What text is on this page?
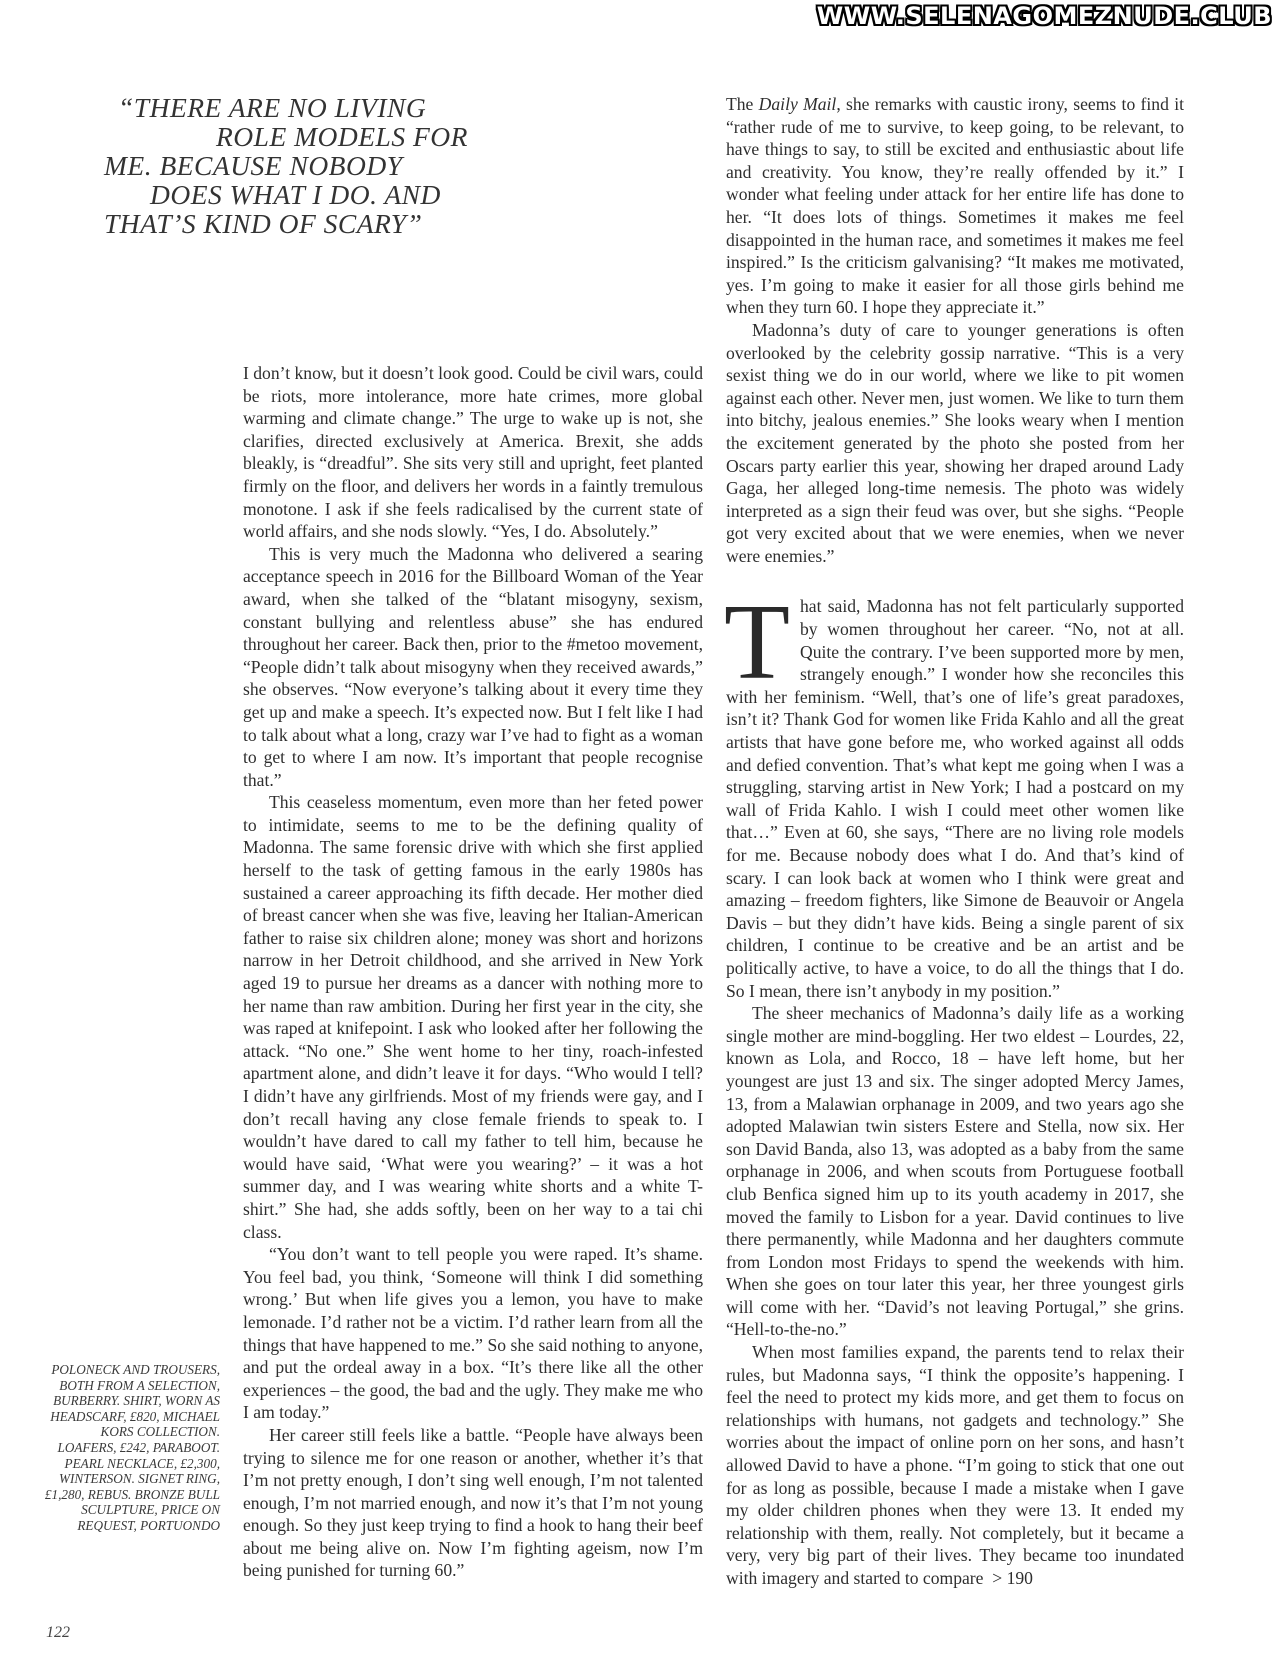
WWW.SELENAGOMEZNUDE.CLUB
“THERE ARE NO LIVING
ROLE MODELS FOR
ME. BECAUSE NOBODY
DOES WHAT I DO. AND
THAT’S KIND OF SCARY”

I don’t know, but it doesn’t look good. Could be civil wars, could be riots, more intolerance, more hate crimes, more global warming and climate change.” The urge to wake up is not, she clarifies, directed exclusively at America. Brexit, she adds bleakly, is “dreadful”. She sits very still and upright, feet planted firmly on the floor, and delivers her words in a faintly tremulous monotone. I ask if she feels radicalised by the current state of world affairs, and she nods slowly. “Yes, I do. Absolutely.”

This is very much the Madonna who delivered a searing acceptance speech in 2016 for the Billboard Woman of the Year award, when she talked of the “blatant misogyny, sexism, constant bullying and relentless abuse” she has endured throughout her career. Back then, prior to the #metoo movement, “People didn’t talk about misogyny when they received awards,” she observes. “Now everyone’s talking about it every time they get up and make a speech. It’s expected now. But I felt like I had to talk about what a long, crazy war I’ve had to fight as a woman to get to where I am now. It’s important that people recognise that.”

This ceaseless momentum, even more than her feted power to intimidate, seems to me to be the defining quality of Madonna. The same forensic drive with which she first applied herself to the task of getting famous in the early 1980s has sustained a career approaching its fifth decade. Her mother died of breast cancer when she was five, leaving her Italian-American father to raise six children alone; money was short and horizons narrow in her Detroit childhood, and she arrived in New York aged 19 to pursue her dreams as a dancer with nothing more to her name than raw ambition. During her first year in the city, she was raped at knifepoint. I ask who looked after her following the attack. “No one.” She went home to her tiny, roach-infested apartment alone, and didn’t leave it for days. “Who would I tell? I didn’t have any girlfriends. Most of my friends were gay, and I don’t recall having any close female friends to speak to. I wouldn’t have dared to call my father to tell him, because he would have said, ‘What were you wearing?’ – it was a hot summer day, and I was wearing white shorts and a white T-shirt.” She had, she adds softly, been on her way to a tai chi class.

“You don’t want to tell people you were raped. It’s shame. You feel bad, you think, ‘Someone will think I did something wrong.’ But when life gives you a lemon, you have to make lemonade. I’d rather not be a victim. I’d rather learn from all the things that have happened to me.” So she said nothing to anyone, and put the ordeal away in a box. “It’s there like all the other experiences – the good, the bad and the ugly. They make me who I am today.”

Her career still feels like a battle. “People have always been trying to silence me for one reason or another, whether it’s that I’m not pretty enough, I don’t sing well enough, I’m not talented enough, I’m not married enough, and now it’s that I’m not young enough. So they just keep trying to find a hook to hang their beef about me being alive on. Now I’m fighting ageism, now I’m being punished for turning 60.”

The Daily Mail, she remarks with caustic irony, seems to find it “rather rude of me to survive, to keep going, to be relevant, to have things to say, to still be excited and enthusiastic about life and creativity. You know, they’re really offended by it.” I wonder what feeling under attack for her entire life has done to her. “It does lots of things. Sometimes it makes me feel disappointed in the human race, and sometimes it makes me feel inspired.” Is the criticism galvanising? “It makes me motivated, yes. I’m going to make it easier for all those girls behind me when they turn 60. I hope they appreciate it.”

Madonna’s duty of care to younger generations is often overlooked by the celebrity gossip narrative. “This is a very sexist thing we do in our world, where we like to pit women against each other. Never men, just women. We like to turn them into bitchy, jealous enemies.” She looks weary when I mention the excitement generated by the photo she posted from her Oscars party earlier this year, showing her draped around Lady Gaga, her alleged long-time nemesis. The photo was widely interpreted as a sign their feud was over, but she sighs. “People got very excited about that we were enemies, when we never were enemies.”

That said, Madonna has not felt particularly supported by women throughout her career. “No, not at all. Quite the contrary. I’ve been supported more by men, strangely enough.” I wonder how she reconciles this with her feminism. “Well, that’s one of life’s great paradoxes, isn’t it? Thank God for women like Frida Kahlo and all the great artists that have gone before me, who worked against all odds and defied convention. That’s what kept me going when I was a struggling, starving artist in New York; I had a postcard on my wall of Frida Kahlo. I wish I could meet other women like that…” Even at 60, she says, “There are no living role models for me. Because nobody does what I do. And that’s kind of scary. I can look back at women who I think were great and amazing – freedom fighters, like Simone de Beauvoir or Angela Davis – but they didn’t have kids. Being a single parent of six children, I continue to be creative and be an artist and be politically active, to have a voice, to do all the things that I do. So I mean, there isn’t anybody in my position.”

The sheer mechanics of Madonna’s daily life as a working single mother are mind-boggling. Her two eldest – Lourdes, 22, known as Lola, and Rocco, 18 – have left home, but her youngest are just 13 and six. The singer adopted Mercy James, 13, from a Malawian orphanage in 2009, and two years ago she adopted Malawian twin sisters Estere and Stella, now six. Her son David Banda, also 13, was adopted as a baby from the same orphanage in 2006, and when scouts from Portuguese football club Benfica signed him up to its youth academy in 2017, she moved the family to Lisbon for a year. David continues to live there permanently, while Madonna and her daughters commute from London most Fridays to spend the weekends with him. When she goes on tour later this year, her three youngest girls will come with her. “David’s not leaving Portugal,” she grins. “Hell-to-the-no.”

When most families expand, the parents tend to relax their rules, but Madonna says, “I think the opposite’s happening. I feel the need to protect my kids more, and get them to focus on relationships with humans, not gadgets and technology.” She worries about the impact of online porn on her sons, and hasn’t allowed David to have a phone. “I’m going to stick that one out for as long as possible, because I made a mistake when I gave my older children phones when they were 13. It ended my relationship with them, really. Not completely, but it became a very, very big part of their lives. They became too inundated with imagery and started to compare  > 190

POLONECK AND TROUSERS, BOTH FROM A SELECTION, BURBERRY. SHIRT, WORN AS HEADSCARF, £820, MICHAEL KORS COLLECTION. LOAFERS, £242, PARABOOT. PEARL NECKLACE, £2,300, WINTERSON. SIGNET RING, £1,280, REBUS. BRONZE BULL SCULPTURE, PRICE ON REQUEST, PORTUONDO
122
